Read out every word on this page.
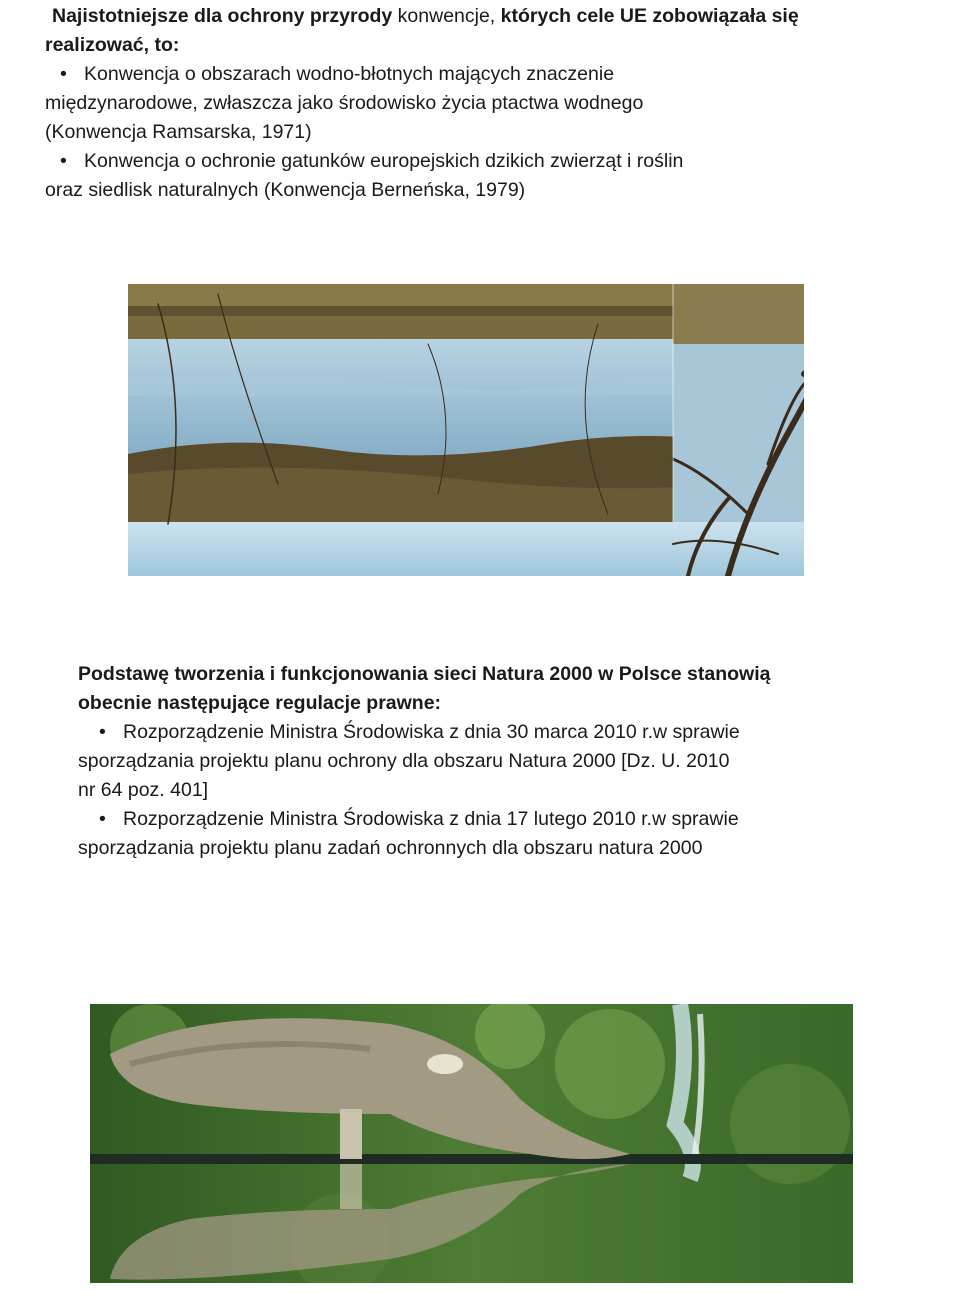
Najistotniejsze dla ochrony przyrody konwencje, których cele UE zobowiązała się
realizować, to:
• Konwencja o obszarach wodno-błotnych mających znaczenie
międzynarodowe, zwłaszcza jako środowisko życia ptactwa wodnego
(Konwencja Ramsarska, 1971)
• Konwencja o ochronie gatunków europejskich dzikich zwierząt i roślin
oraz siedlisk naturalnych (Konwencja Berneńska, 1979)
Podstawę tworzenia i funkcjonowania sieci Natura 2000 w Polsce stanowią
obecnie następujące regulacje prawne:
• Rozporządzenie Ministra Środowiska z dnia 30 marca 2010 r.w sprawie
sporządzania projektu planu ochrony dla obszaru Natura 2000 [Dz. U. 2010
nr 64 poz. 401]
• Rozporządzenie Ministra Środowiska z dnia 17 lutego 2010 r.w sprawie
sporządzania projektu planu zadań ochronnych dla obszaru natura 2000
